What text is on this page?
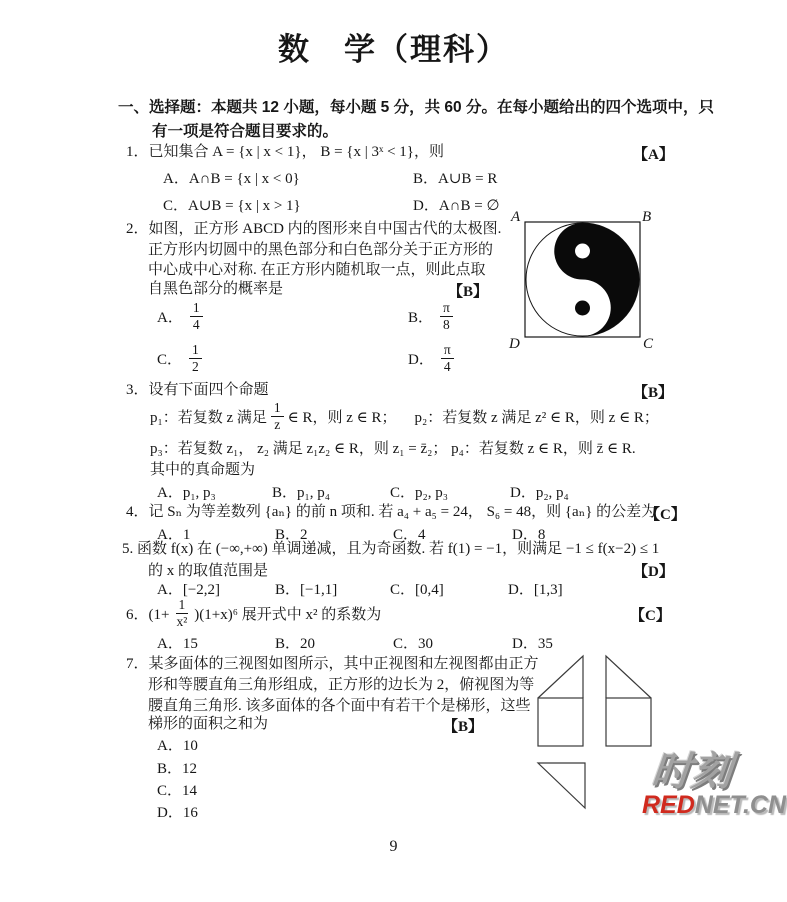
数　学（理科）
一、选择题：本题共 12 小题，每小题 5 分，共 60 分。在每小题给出的四个选项中，只
有一项是符合题目要求的。
1．已知集合 A = {x | x < 1}， B = {x | 3ˣ < 1}，则	【A】
A．A∩B = {x | x < 0}	B．A∪B = R
C．A∪B = {x | x > 1}	D．A∩B = ∅
2．如图，正方形 ABCD 内的图形来自中国古代的太极图.
正方形内切圆中的黑色部分和白色部分关于正方形的
中心成中心对称. 在正方形内随机取一点，则此点取
自黑色部分的概率是	【B】
A． $\frac{1}{4}$	B． $\frac{\pi}{8}$
C． $\frac{1}{2}$	D． $\frac{\pi}{4}$
A	B
C
D
3．设有下面四个命题	【B】
p₁：若复数 z 满足 $\frac{1}{z}$ ∈ R，则 z ∈ R； p₂：若复数 z 满足 z² ∈ R，则 z ∈ R；
p₃：若复数 z₁， z₂ 满足 z₁z₂ ∈ R，则 z₁ = z̄₂； p₄：若复数 z ∈ R，则 z̄ ∈ R.
其中的真命题为
A．p₁, p₃	B．p₁, p₄	C．p₂, p₃	D．p₂, p₄
4．记 Sₙ 为等差数列 {aₙ} 的前 n 项和. 若 a₄ + a₅ = 24， S₆ = 48，则 {aₙ} 的公差为
【C】
A．1	B．2	C．4	D．8
5. 函数 f(x) 在 (−∞,+∞) 单调递减，且为奇函数. 若 f(1) = −1，则满足 −1 ≤ f(x−2) ≤ 1
的 x 的取值范围是	【D】
A．[−2,2]	B．[−1,1]	C．[0,4]	D．[1,3]
6．$(1+ \frac{1}{\text{x²}} )(1+x)^6$ 展开式中 x² 的系数为	【C】
A．15	B．20	C．30	D．35
7．某多面体的三视图如图所示，其中正视图和左视图都由正方
形和等腰直角三角形组成，正方形的边长为 2，俯视图为等
腰直角三角形. 该多面体的各个面中有若干个是梯形，这些
梯形的面积之和为	【B】
A．10
B．12
C．14
D．16
时刻
REDNET.CN
9
